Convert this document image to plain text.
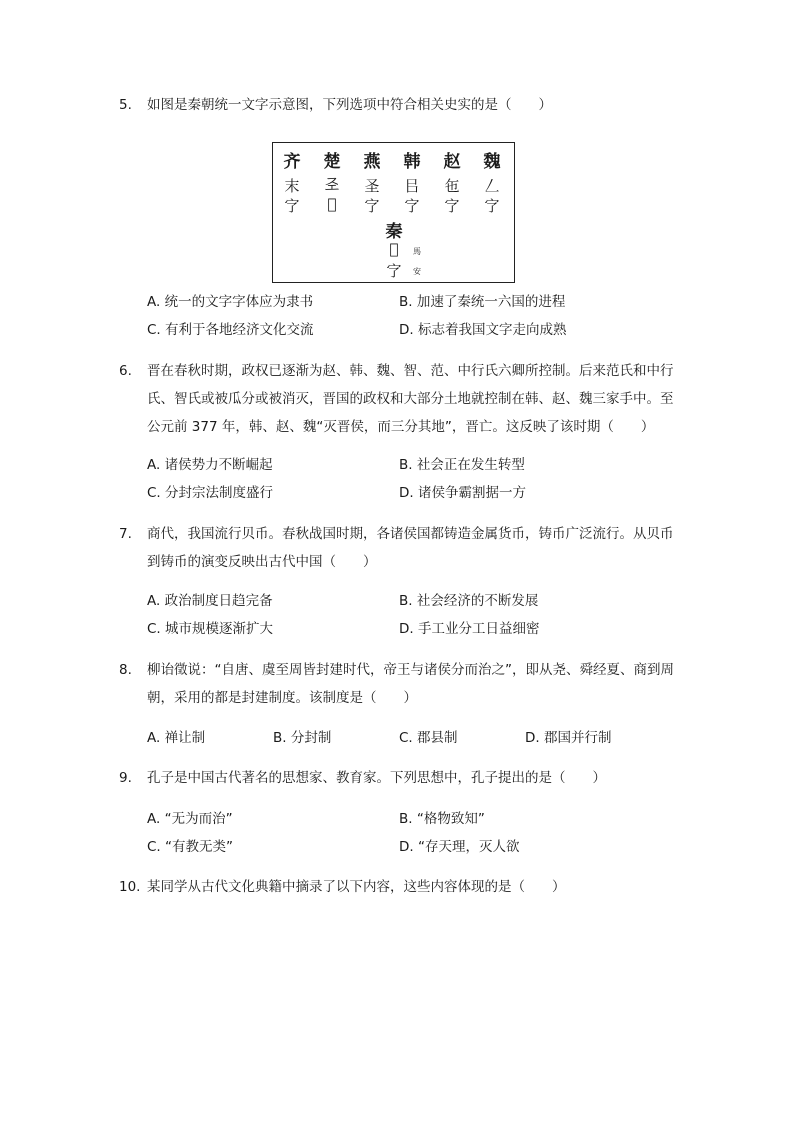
5.	如图是秦朝统一文字示意图，下列选项中符合相关史实的是（　　）
齐	楚	燕	韩	赵	魏
末	𢀖	圣	㠯	㐌	𠃋
㝋	𡧊	㝋	㝋	㝋	㝋
秦
𢒊	馬
㝋	安
A. 统一的文字字体应为隶书	B. 加速了秦统一六国的进程
C. 有利于各地经济文化交流	D. 标志着我国文字走向成熟
6.	晋在春秋时期，政权已逐渐为赵、韩、魏、智、范、中行氏六卿所控制。后来范氏和中行氏、智氏或被瓜分或被消灭，晋国的政权和大部分土地就控制在韩、赵、魏三家手中。至公元前 377 年，韩、赵、魏“灭晋侯，而三分其地”，晋亡。这反映了该时期（　　）
A. 诸侯势力不断崛起	B. 社会正在发生转型
C. 分封宗法制度盛行	D. 诸侯争霸割据一方
7.	商代，我国流行贝币。春秋战国时期，各诸侯国都铸造金属货币，铸币广泛流行。从贝币到铸币的演变反映出古代中国（　　）
A. 政治制度日趋完备	B. 社会经济的不断发展
C. 城市规模逐渐扩大	D. 手工业分工日益细密
8.	柳诒徵说：“自唐、虞至周皆封建时代，帝王与诸侯分而治之”，即从尧、舜经夏、商到周朝，采用的都是封建制度。该制度是（　　）
A. 禅让制	B. 分封制	C. 郡县制	D. 郡国并行制
9.	孔子是中国古代著名的思想家、教育家。下列思想中，孔子提出的是（　　）
A. “无为而治”	B. “格物致知”
C. “有教无类”	D. “存天理，灭人欲
10. 某同学从古代文化典籍中摘录了以下内容，这些内容体现的是（　　）
